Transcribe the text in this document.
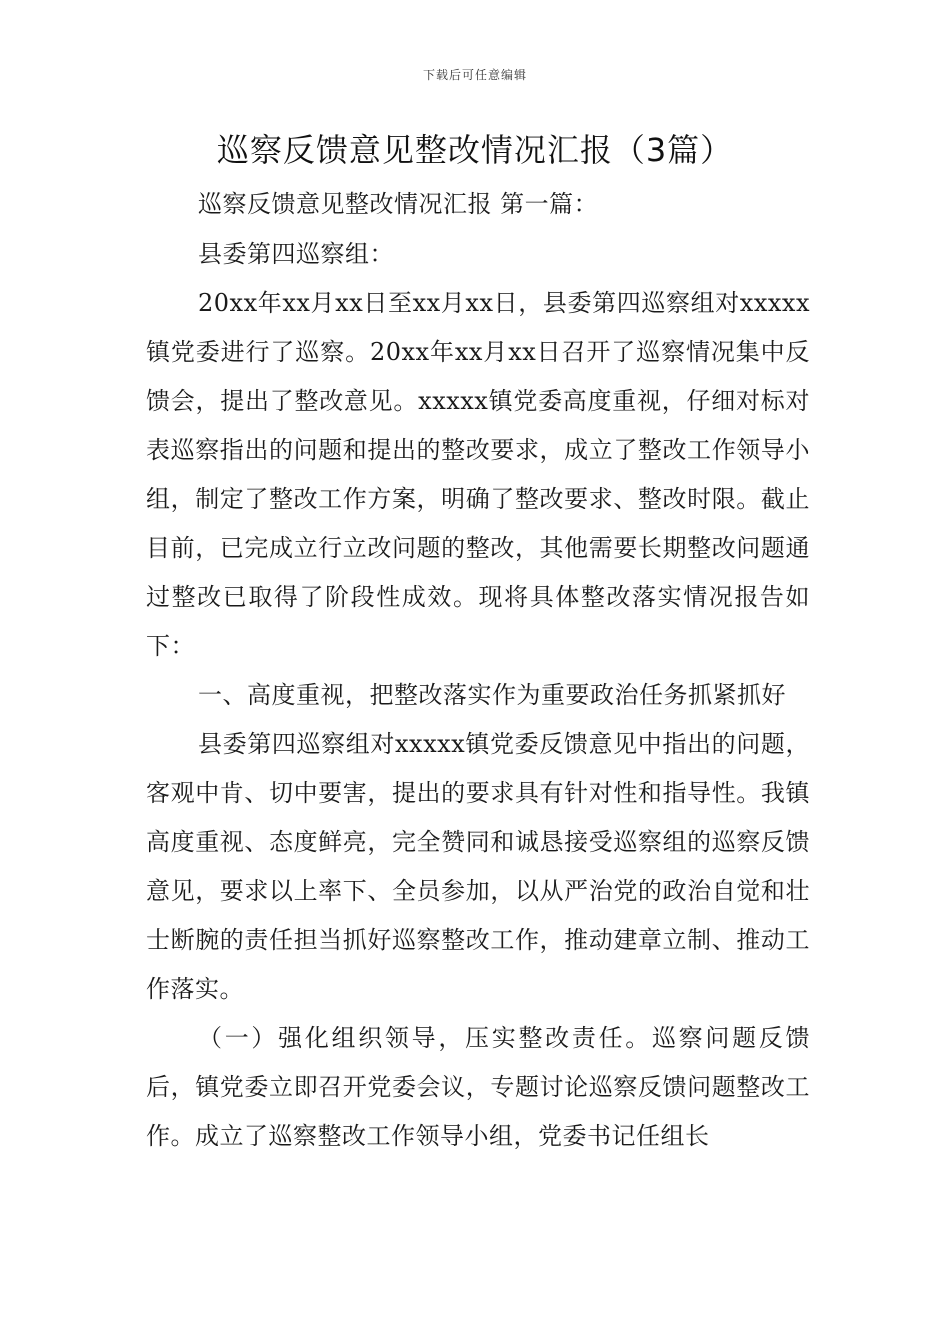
下载后可任意编辑
巡察反馈意见整改情况汇报（3篇）

巡察反馈意见整改情况汇报 第一篇：

县委第四巡察组：

20xx年xx月xx日至xx月xx日，县委第四巡察组对xxxxx镇党委进行了巡察。20xx年xx月xx日召开了巡察情况集中反馈会，提出了整改意见。xxxxx镇党委高度重视，仔细对标对表巡察指出的问题和提出的整改要求，成立了整改工作领导小组，制定了整改工作方案，明确了整改要求、整改时限。截止目前，已完成立行立改问题的整改，其他需要长期整改问题通过整改已取得了阶段性成效。现将具体整改落实情况报告如下：

一、高度重视，把整改落实作为重要政治任务抓紧抓好

县委第四巡察组对xxxxx镇党委反馈意见中指出的问题，客观中肯、切中要害，提出的要求具有针对性和指导性。我镇高度重视、态度鲜亮，完全赞同和诚恳接受巡察组的巡察反馈意见，要求以上率下、全员参加，以从严治党的政治自觉和壮士断腕的责任担当抓好巡察整改工作，推动建章立制、推动工作落实。

（一）强化组织领导，压实整改责任。巡察问题反馈后，镇党委立即召开党委会议，专题讨论巡察反馈问题整改工作。成立了巡察整改工作领导小组，党委书记任组长
